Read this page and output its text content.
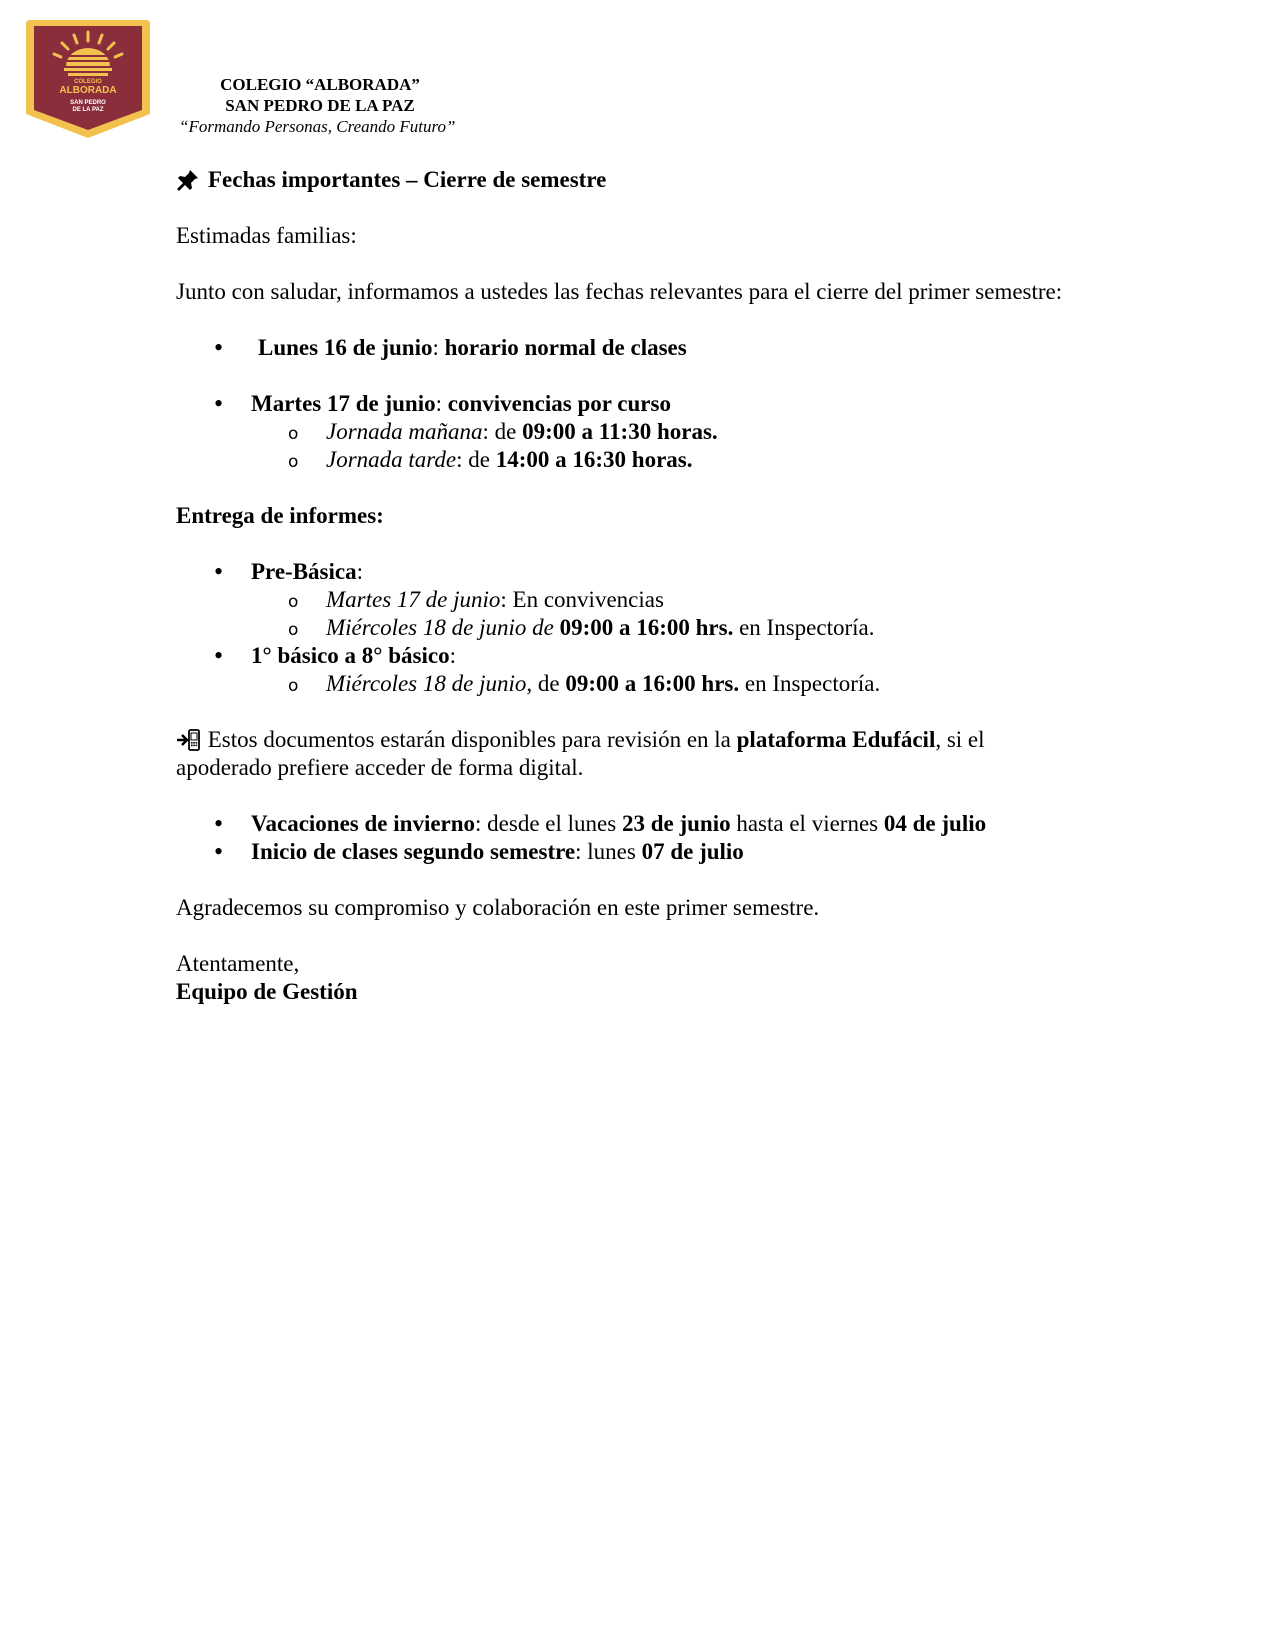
COLEGIO
ALBORADA
SAN PEDRO
DE LA PAZ
COLEGIO “ALBORADA”
SAN PEDRO DE LA PAZ
“Formando Personas, Creando Futuro”
Fechas importantes – Cierre de semestre

Estimadas familias:

Junto con saludar, informamos a ustedes las fechas relevantes para el cierre del primer semestre:

• Lunes 16 de junio: horario normal de clases
• Martes 17 de junio: convivencias por curso
o Jornada mañana: de 09:00 a 11:30 horas.
o Jornada tarde: de 14:00 a 16:30 horas.

Entrega de informes:

• Pre-Básica:
o Martes 17 de junio: En convivencias
o Miércoles 18 de junio de 09:00 a 16:00 hrs. en Inspectoría.
• 1° básico a 8° básico:
o Miércoles 18 de junio, de 09:00 a 16:00 hrs. en Inspectoría.

Estos documentos estarán disponibles para revisión en la plataforma Edufácil, si el apoderado prefiere acceder de forma digital.

• Vacaciones de invierno: desde el lunes 23 de junio hasta el viernes 04 de julio
• Inicio de clases segundo semestre: lunes 07 de julio

Agradecemos su compromiso y colaboración en este primer semestre.

Atentamente,

Equipo de Gestión
